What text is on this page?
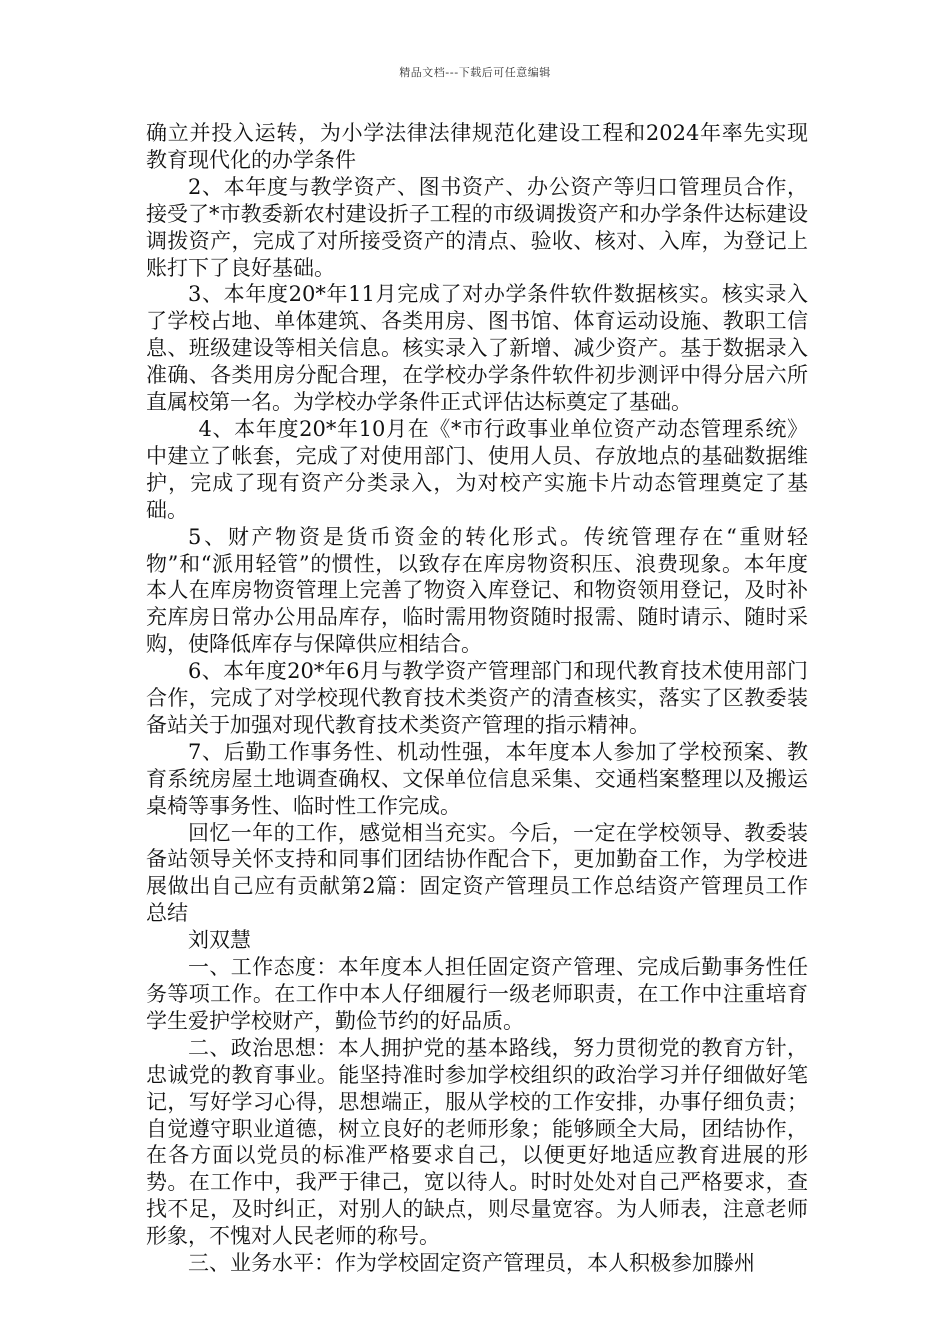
精品文档---下载后可任意编辑

确立并投入运转，为小学法律法律规范化建设工程和2024年率先实现教育现代化的办学条件

2、本年度与教学资产、图书资产、办公资产等归口管理员合作，接受了*市教委新农村建设折子工程的市级调拨资产和办学条件达标建设调拨资产，完成了对所接受资产的清点、验收、核对、入库，为登记上账打下了良好基础。

3、本年度20*年11月完成了对办学条件软件数据核实。核实录入了学校占地、单体建筑、各类用房、图书馆、体育运动设施、教职工信息、班级建设等相关信息。核实录入了新增、减少资产。基于数据录入准确、各类用房分配合理，在学校办学条件软件初步测评中得分居六所直属校第一名。为学校办学条件正式评估达标奠定了基础。

4、本年度20*年10月在《*市行政事业单位资产动态管理系统》中建立了帐套，完成了对使用部门、使用人员、存放地点的基础数据维护，完成了现有资产分类录入，为对校产实施卡片动态管理奠定了基础。

5、财产物资是货币资金的转化形式。传统管理存在“重财轻物”和“派用轻管”的惯性，以致存在库房物资积压、浪费现象。本年度本人在库房物资管理上完善了物资入库登记、和物资领用登记，及时补充库房日常办公用品库存，临时需用物资随时报需、随时请示、随时采购，使降低库存与保障供应相结合。

6、本年度20*年6月与教学资产管理部门和现代教育技术使用部门合作，完成了对学校现代教育技术类资产的清查核实，落实了区教委装备站关于加强对现代教育技术类资产管理的指示精神。

7、后勤工作事务性、机动性强，本年度本人参加了学校预案、教育系统房屋土地调查确权、文保单位信息采集、交通档案整理以及搬运桌椅等事务性、临时性工作完成。

回忆一年的工作，感觉相当充实。今后，一定在学校领导、教委装备站领导关怀支持和同事们团结协作配合下，更加勤奋工作，为学校进展做出自己应有贡献第2篇：固定资产管理员工作总结资产管理员工作总结

刘双慧

一、工作态度：本年度本人担任固定资产管理、完成后勤事务性任务等项工作。在工作中本人仔细履行一级老师职责，在工作中注重培育学生爱护学校财产，勤俭节约的好品质。

二、政治思想：本人拥护党的基本路线，努力贯彻党的教育方针，忠诚党的教育事业。能坚持准时参加学校组织的政治学习并仔细做好笔记，写好学习心得，思想端正，服从学校的工作安排，办事仔细负责；自觉遵守职业道德，树立良好的老师形象；能够顾全大局，团结协作，在各方面以党员的标准严格要求自己，以便更好地适应教育进展的形势。在工作中，我严于律己，宽以待人。时时处处对自己严格要求，查找不足，及时纠正，对别人的缺点，则尽量宽容。为人师表，注意老师形象，不愧对人民老师的称号。

三、业务水平：作为学校固定资产管理员，本人积极参加滕州
